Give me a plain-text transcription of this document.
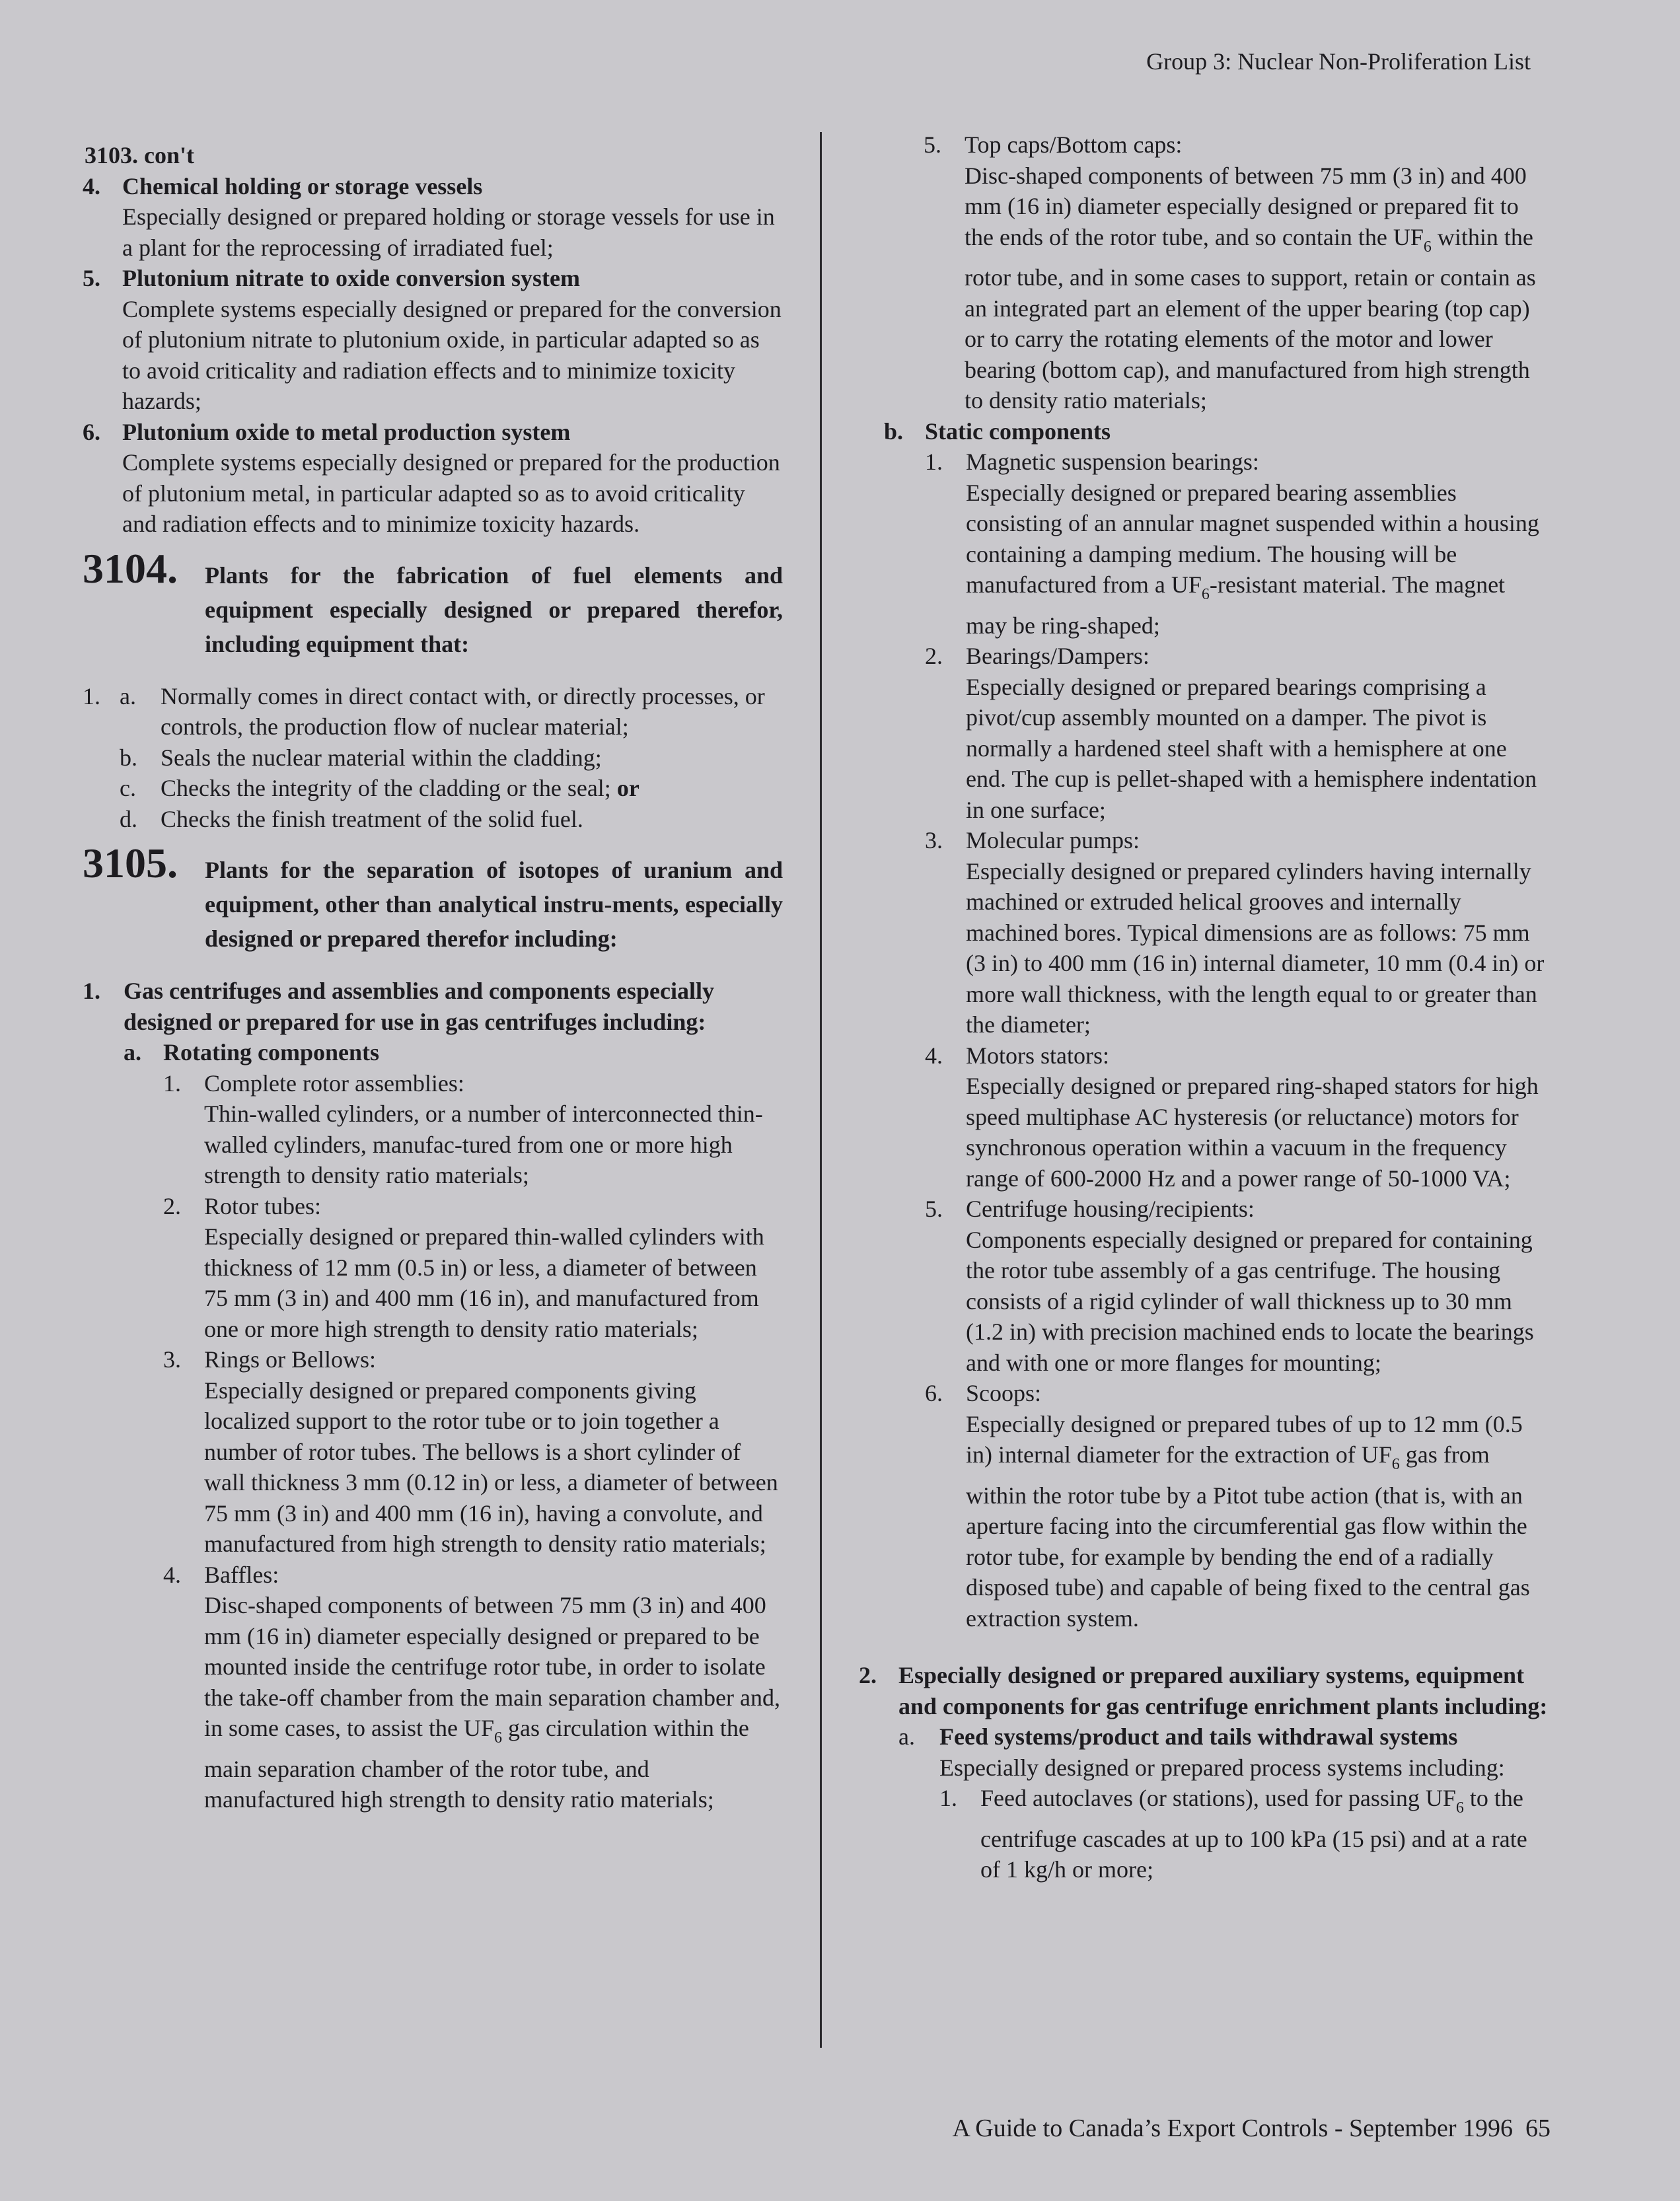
Group 3: Nuclear Non-Proliferation List
3103. con't
4. Chemical holding or storage vessels
Especially designed or prepared holding or storage vessels for use in a plant for the reprocessing of irradiated fuel;
5. Plutonium nitrate to oxide conversion system
Complete systems especially designed or prepared for the conversion of plutonium nitrate to plutonium oxide, in particular adapted so as to avoid criticality and radiation effects and to minimize toxicity hazards;
6. Plutonium oxide to metal production system
Complete systems especially designed or prepared for the production of plutonium metal, in particular adapted so as to avoid criticality and radiation effects and to minimize toxicity hazards.
3104. Plants for the fabrication of fuel elements and equipment especially designed or prepared therefor, including equipment that:
1. a. Normally comes in direct contact with, or directly processes, or controls, the production flow of nuclear material;
b. Seals the nuclear material within the cladding;
c. Checks the integrity of the cladding or the seal; or
d. Checks the finish treatment of the solid fuel.
3105. Plants for the separation of isotopes of uranium and equipment, other than analytical instru-ments, especially designed or prepared therefor including:
1. Gas centrifuges and assemblies and components especially designed or prepared for use in gas centrifuges including:
a. Rotating components
1. Complete rotor assemblies:
Thin-walled cylinders, or a number of interconnected thin-walled cylinders, manufac-tured from one or more high strength to density ratio materials;
2. Rotor tubes:
Especially designed or prepared thin-walled cylinders with thickness of 12 mm (0.5 in) or less, a diameter of between 75 mm (3 in) and 400 mm (16 in), and manufactured from one or more high strength to density ratio materials;
3. Rings or Bellows:
Especially designed or prepared components giving localized support to the rotor tube or to join together a number of rotor tubes. The bellows is a short cylinder of wall thickness 3 mm (0.12 in) or less, a diameter of between 75 mm (3 in) and 400 mm (16 in), having a convolute, and manufactured from high strength to density ratio materials;
4. Baffles:
Disc-shaped components of between 75 mm (3 in) and 400 mm (16 in) diameter especially designed or prepared to be mounted inside the centrifuge rotor tube, in order to isolate the take-off chamber from the main separation chamber and, in some cases, to assist the UF6 gas circulation within the main separation chamber of the rotor tube, and manufactured high strength to density ratio materials;
5. Top caps/Bottom caps:
Disc-shaped components of between 75 mm (3 in) and 400 mm (16 in) diameter especially designed or prepared fit to the ends of the rotor tube, and so contain the UF6 within the rotor tube, and in some cases to support, retain or contain as an integrated part an element of the upper bearing (top cap) or to carry the rotating elements of the motor and lower bearing (bottom cap), and manufactured from high strength to density ratio materials;
b. Static components
1. Magnetic suspension bearings:
Especially designed or prepared bearing assemblies consisting of an annular magnet suspended within a housing containing a damping medium. The housing will be manufactured from a UF6-resistant material. The magnet may be ring-shaped;
2. Bearings/Dampers:
Especially designed or prepared bearings comprising a pivot/cup assembly mounted on a damper. The pivot is normally a hardened steel shaft with a hemisphere at one end. The cup is pellet-shaped with a hemisphere indentation in one surface;
3. Molecular pumps:
Especially designed or prepared cylinders having internally machined or extruded helical grooves and internally machined bores. Typical dimensions are as follows: 75 mm (3 in) to 400 mm (16 in) internal diameter, 10 mm (0.4 in) or more wall thickness, with the length equal to or greater than the diameter;
4. Motors stators:
Especially designed or prepared ring-shaped stators for high speed multiphase AC hysteresis (or reluctance) motors for synchronous operation within a vacuum in the frequency range of 600-2000 Hz and a power range of 50-1000 VA;
5. Centrifuge housing/recipients:
Components especially designed or prepared for containing the rotor tube assembly of a gas centrifuge. The housing consists of a rigid cylinder of wall thickness up to 30 mm (1.2 in) with precision machined ends to locate the bearings and with one or more flanges for mounting;
6. Scoops:
Especially designed or prepared tubes of up to 12 mm (0.5 in) internal diameter for the extraction of UF6 gas from within the rotor tube by a Pitot tube action (that is, with an aperture facing into the circumferential gas flow within the rotor tube, for example by bending the end of a radially disposed tube) and capable of being fixed to the central gas extraction system.
2. Especially designed or prepared auxiliary systems, equipment and components for gas centrifuge enrichment plants including:
a. Feed systems/product and tails withdrawal systems
Especially designed or prepared process systems including:
1. Feed autoclaves (or stations), used for passing UF6 to the centrifuge cascades at up to 100 kPa (15 psi) and at a rate of 1 kg/h or more;
A Guide to Canada’s Export Controls - September 1996 65
